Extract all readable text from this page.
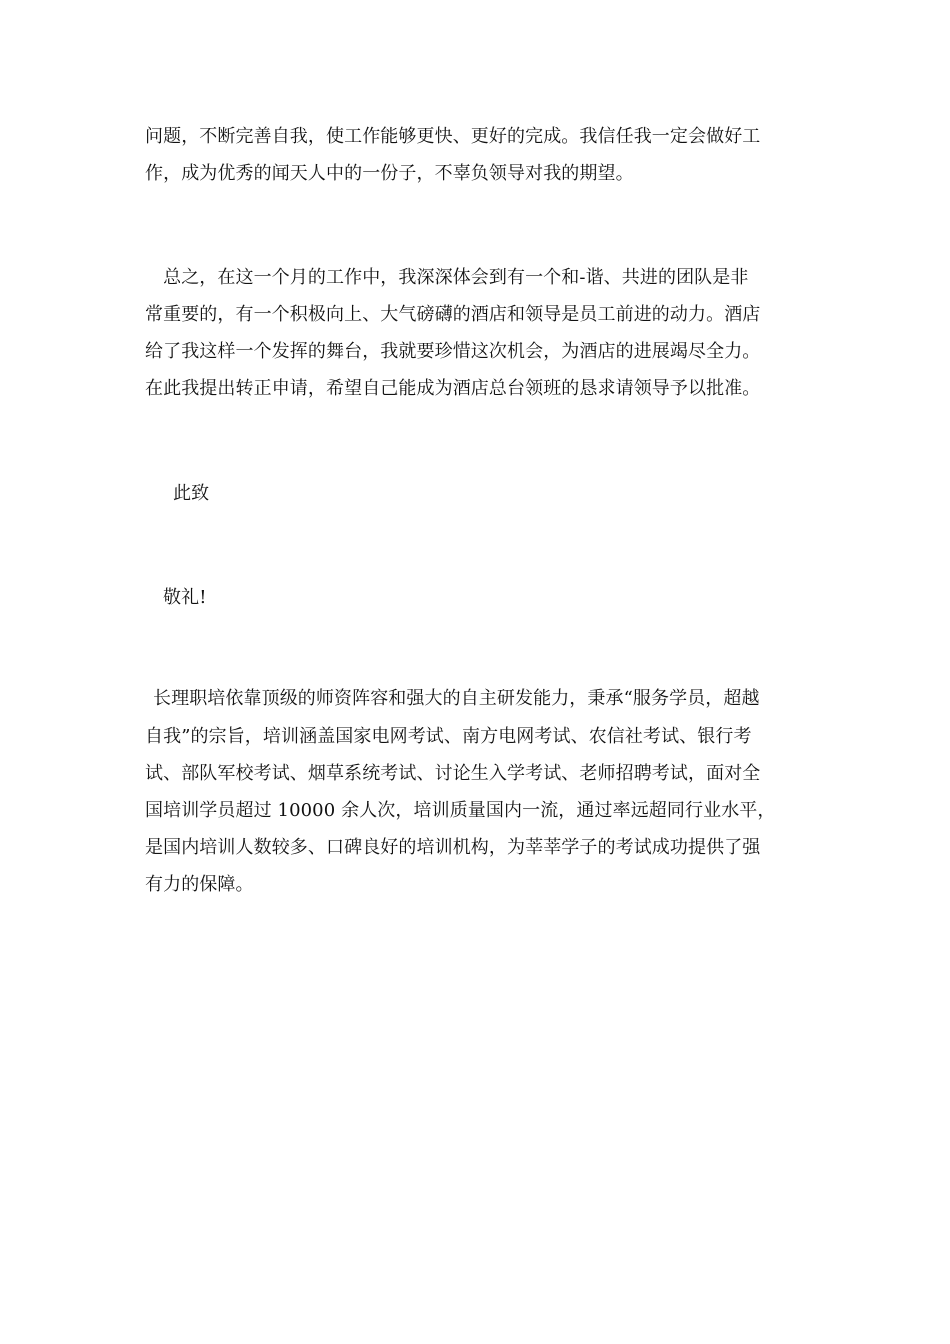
问题，不断完善自我，使工作能够更快、更好的完成。我信任我一定会做好工
作，成为优秀的闻天人中的一份子，不辜负领导对我的期望。
　总之，在这一个月的工作中，我深深体会到有一个和-谐、共进的团队是非
常重要的，有一个积极向上、大气磅礴的酒店和领导是员工前进的动力。酒店
给了我这样一个发挥的舞台，我就要珍惜这次机会，为酒店的进展竭尽全力。
在此我提出转正申请，希望自己能成为酒店总台领班的恳求请领导予以批准。
此致
敬礼!
长理职培依靠顶级的师资阵容和强大的自主研发能力，秉承“服务学员，超越
自我”的宗旨，培训涵盖国家电网考试、南方电网考试、农信社考试、银行考
试、部队军校考试、烟草系统考试、讨论生入学考试、老师招聘考试，面对全
国培训学员超过 10000 余人次，培训质量国内一流，通过率远超同行业水平，
是国内培训人数较多、口碑良好的培训机构，为莘莘学子的考试成功提供了强
有力的保障。
